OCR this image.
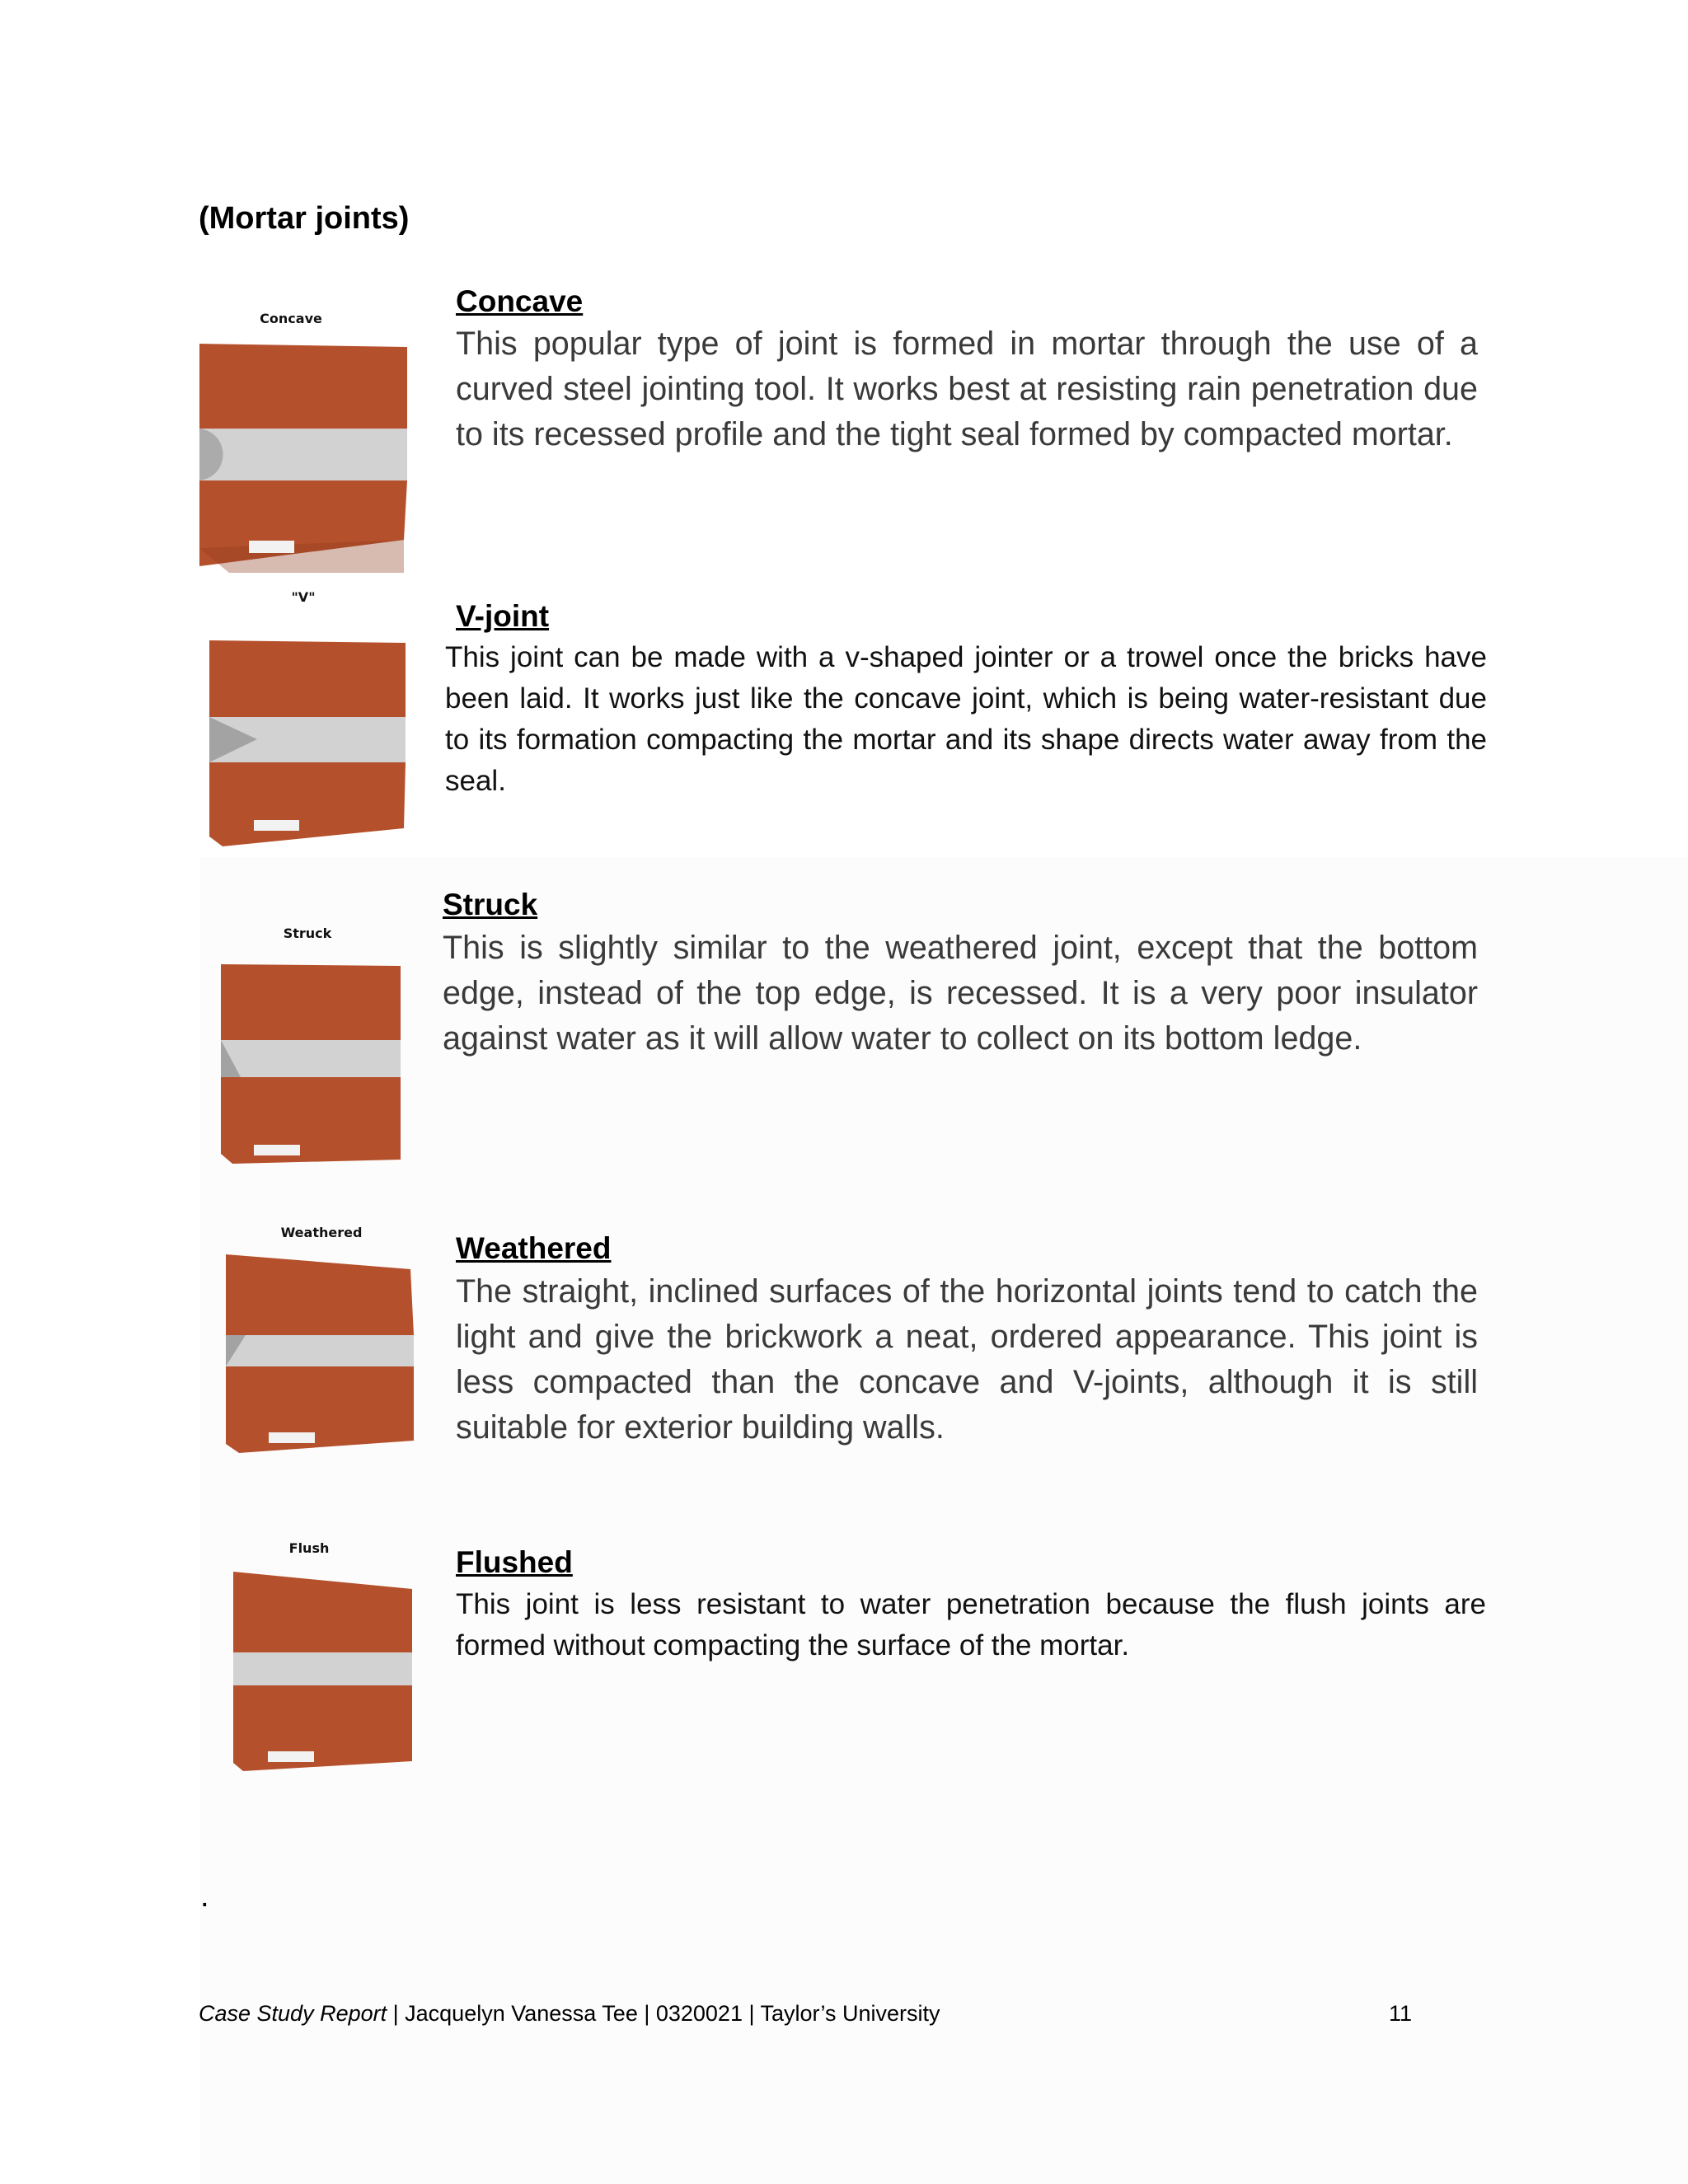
(Mortar joints)
Concave
Concave

This popular type of joint is formed in mortar through the use of a curved steel jointing tool. It works best at resisting rain penetration due to its recessed profile and the tight seal formed by compacted mortar.

"V"
V-joint

This joint can be made with a v-shaped jointer or a trowel once the bricks have been laid. It works just like the concave joint, which is being water-resistant due to its formation compacting the mortar and its shape directs water away from the seal.

Struck
Struck

This is slightly similar to the weathered joint, except that the bottom edge, instead of the top edge, is recessed. It is a very poor insulator against water as it will allow water to collect on its bottom ledge.

Weathered	Weathered

The straight, inclined surfaces of the horizontal joints tend to catch the light and give the brickwork a neat, ordered appearance. This joint is less compacted than the concave and V-joints, although it is still suitable for exterior building walls.

Flush	Flushed

This joint is less resistant to water penetration because the flush joints are formed without compacting the surface of the mortar.

.
Case Study Report | Jacquelyn Vanessa Tee | 0320021 | Taylor’s University	11
